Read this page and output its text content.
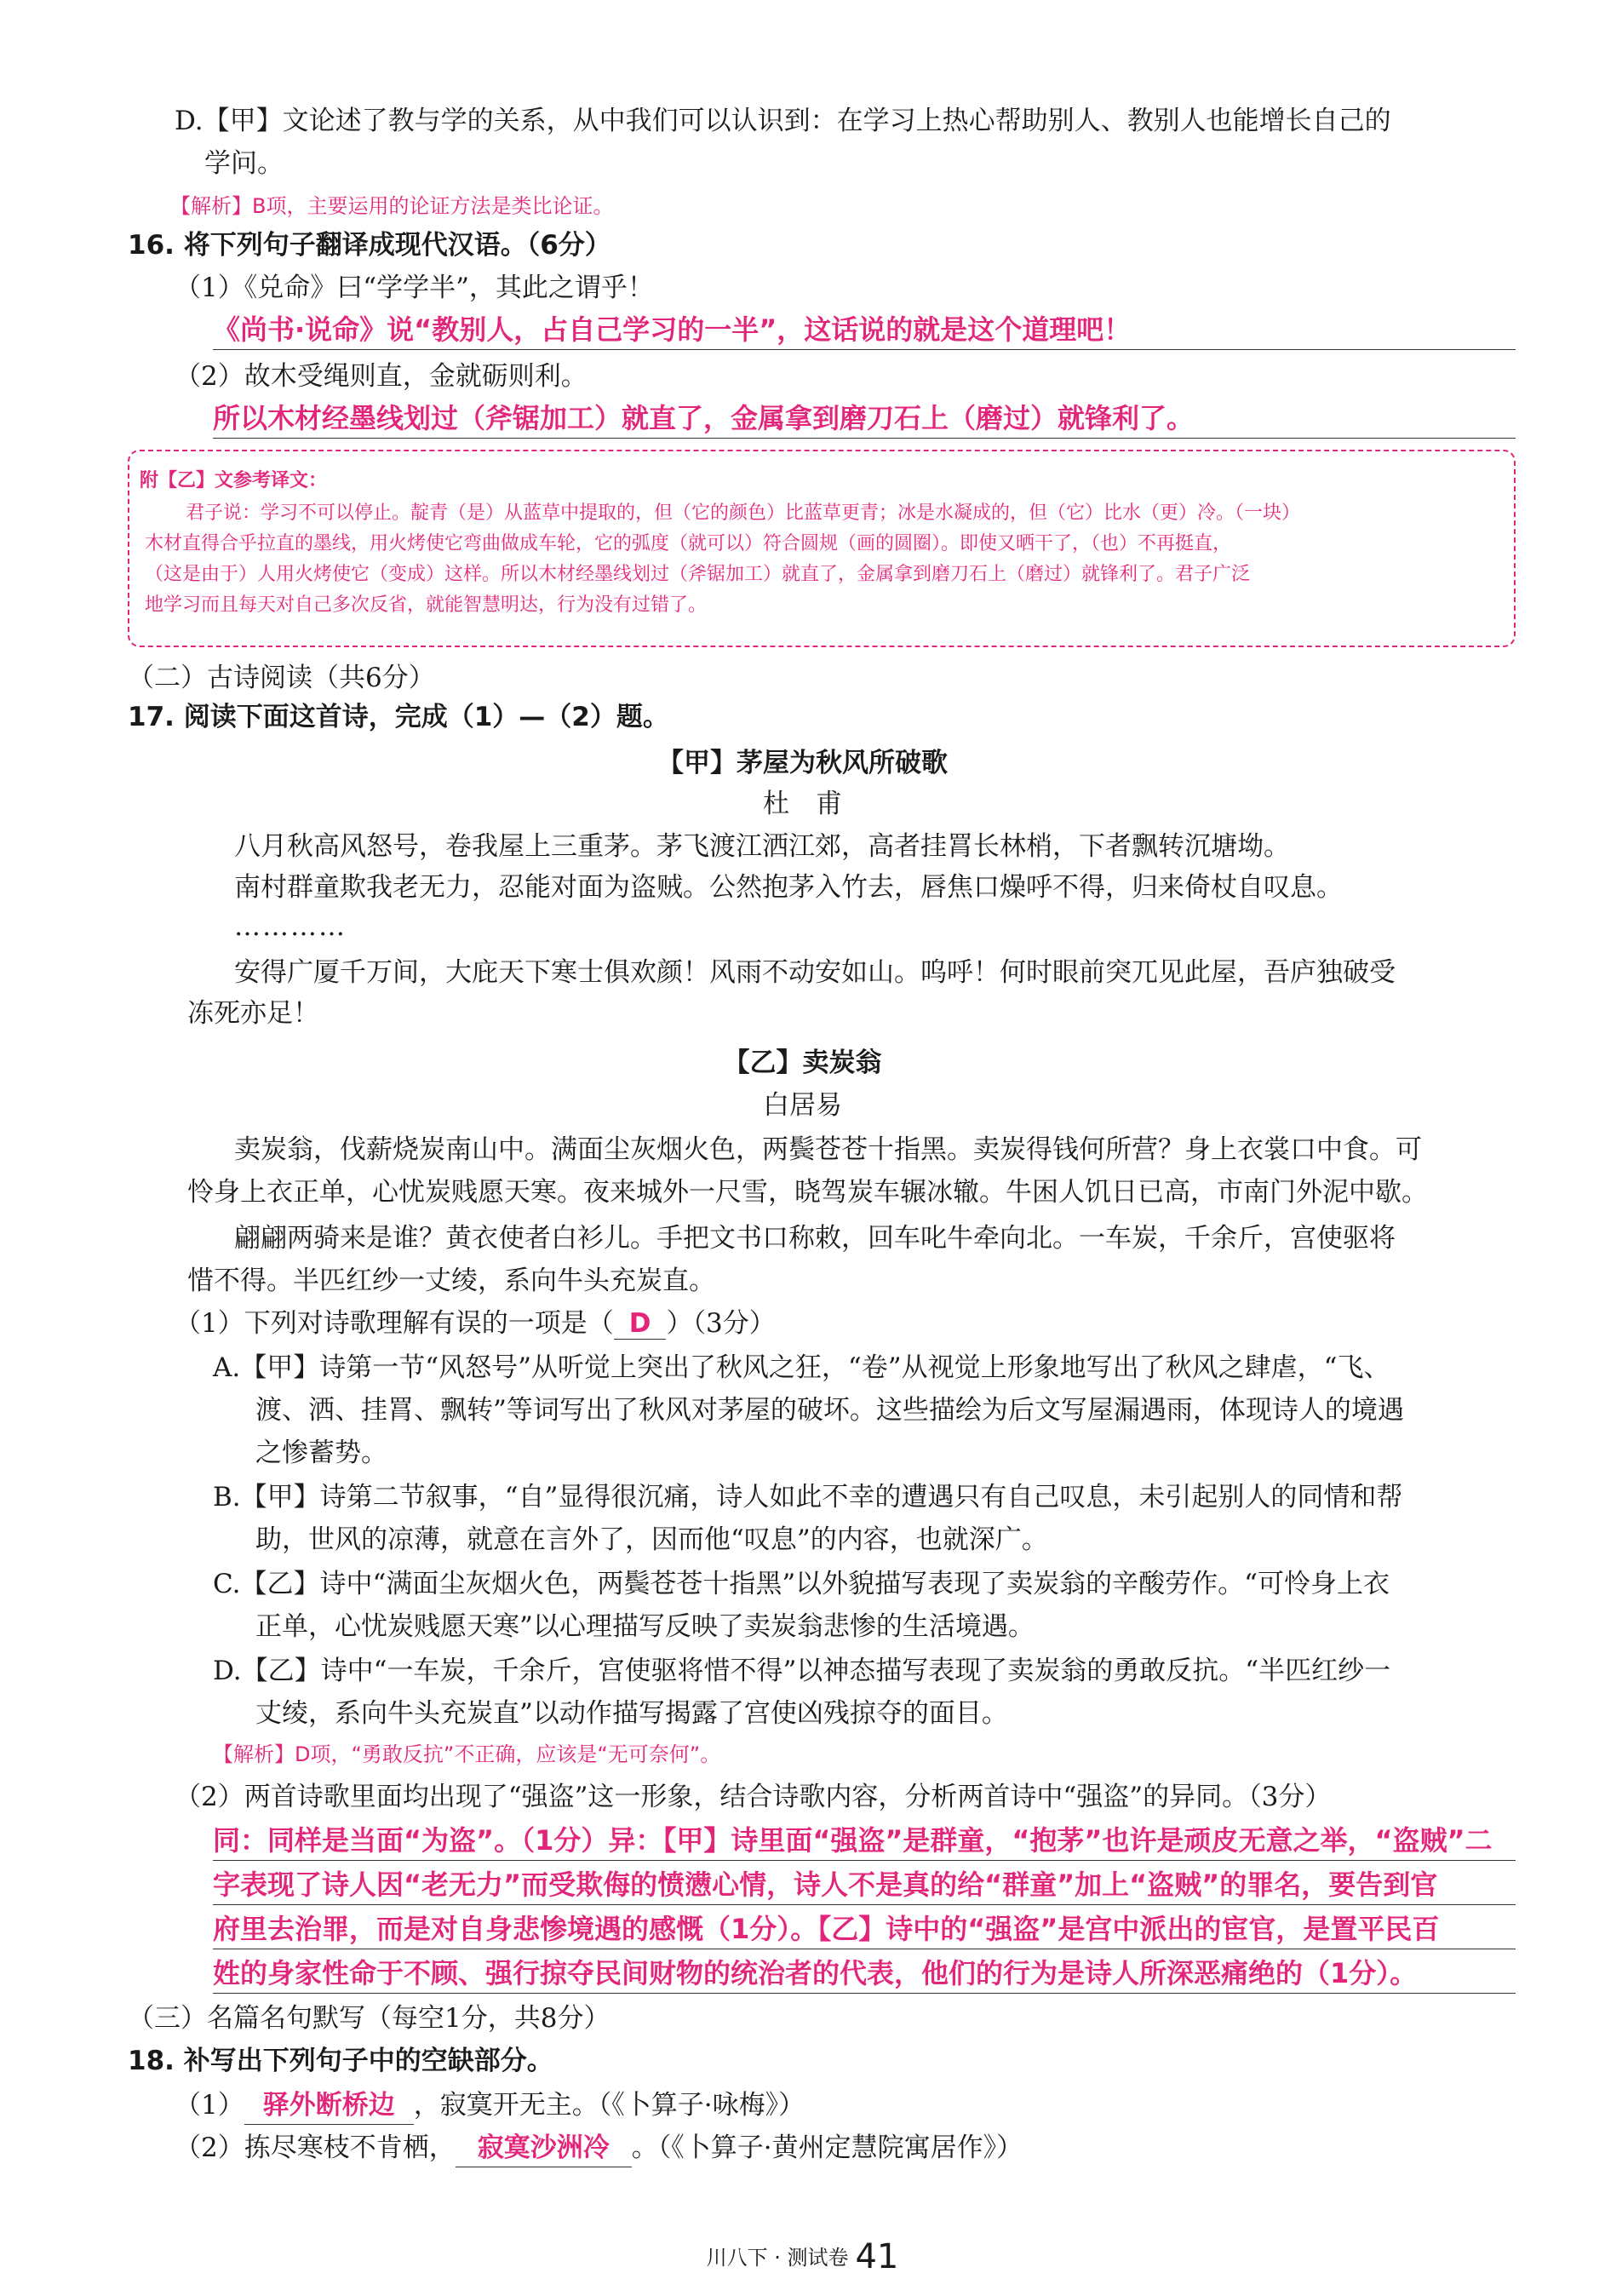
D.【甲】文论述了教与学的关系，从中我们可以认识到：在学习上热心帮助别人、教别人也能增长自己的
学问。
【解析】B项，主要运用的论证方法是类比论证。
16. 将下列句子翻译成现代汉语。（6分）
（1）《兑命》曰“学学半”，其此之谓乎！
《尚书·说命》说“教别人，占自己学习的一半”，这话说的就是这个道理吧！
（2）故木受绳则直，金就砺则利。
所以木材经墨线划过（斧锯加工）就直了，金属拿到磨刀石上（磨过）就锋利了。
附【乙】文参考译文：
君子说：学习不可以停止。靛青（是）从蓝草中提取的，但（它的颜色）比蓝草更青；冰是水凝成的，但（它）比水（更）冷。（一块）
木材直得合乎拉直的墨线，用火烤使它弯曲做成车轮，它的弧度（就可以）符合圆规（画的圆圈）。即使又晒干了，（也）不再挺直，
（这是由于）人用火烤使它（变成）这样。所以木材经墨线划过（斧锯加工）就直了，金属拿到磨刀石上（磨过）就锋利了。君子广泛
地学习而且每天对自己多次反省，就能智慧明达，行为没有过错了。
（二）古诗阅读（共6分）
17. 阅读下面这首诗，完成（1）—（2）题。
【甲】茅屋为秋风所破歌
杜　甫
八月秋高风怒号，卷我屋上三重茅。茅飞渡江洒江郊，高者挂罥长林梢，下者飘转沉塘坳。
南村群童欺我老无力，忍能对面为盗贼。公然抱茅入竹去，唇焦口燥呼不得，归来倚杖自叹息。
…………
安得广厦千万间，大庇天下寒士俱欢颜！风雨不动安如山。呜呼！何时眼前突兀见此屋，吾庐独破受
冻死亦足！
【乙】卖炭翁
白居易
卖炭翁，伐薪烧炭南山中。满面尘灰烟火色，两鬓苍苍十指黑。卖炭得钱何所营？身上衣裳口中食。可
怜身上衣正单，心忧炭贱愿天寒。夜来城外一尺雪，晓驾炭车辗冰辙。牛困人饥日已高，市南门外泥中歇。
翩翩两骑来是谁？黄衣使者白衫儿。手把文书口称敕，回车叱牛牵向北。一车炭，千余斤，宫使驱将
惜不得。半匹红纱一丈绫，系向牛头充炭直。
（1）下列对诗歌理解有误的一项是（ D ）（3分）
A.【甲】诗第一节“风怒号”从听觉上突出了秋风之狂，“卷”从视觉上形象地写出了秋风之肆虐，“飞、
渡、洒、挂罥、飘转”等词写出了秋风对茅屋的破坏。这些描绘为后文写屋漏遇雨，体现诗人的境遇
之惨蓄势。
B.【甲】诗第二节叙事，“自”显得很沉痛，诗人如此不幸的遭遇只有自己叹息，未引起别人的同情和帮
助，世风的凉薄，就意在言外了，因而他“叹息”的内容，也就深广。
C.【乙】诗中“满面尘灰烟火色，两鬓苍苍十指黑”以外貌描写表现了卖炭翁的辛酸劳作。“可怜身上衣
正单，心忧炭贱愿天寒”以心理描写反映了卖炭翁悲惨的生活境遇。
D.【乙】诗中“一车炭，千余斤，宫使驱将惜不得”以神态描写表现了卖炭翁的勇敢反抗。“半匹红纱一
丈绫，系向牛头充炭直”以动作描写揭露了宫使凶残掠夺的面目。
【解析】D项，“勇敢反抗”不正确，应该是“无可奈何”。
（2）两首诗歌里面均出现了“强盗”这一形象，结合诗歌内容，分析两首诗中“强盗”的异同。（3分）
同：同样是当面“为盗”。（1分）异：【甲】诗里面“强盗”是群童，“抱茅”也许是顽皮无意之举，“盗贼”二
字表现了诗人因“老无力”而受欺侮的愤懑心情，诗人不是真的给“群童”加上“盗贼”的罪名，要告到官
府里去治罪，而是对自身悲惨境遇的感慨（1分）。【乙】诗中的“强盗”是宫中派出的宦官，是置平民百
姓的身家性命于不顾、强行掠夺民间财物的统治者的代表，他们的行为是诗人所深恶痛绝的（1分）。
（三）名篇名句默写（每空1分，共8分）
18. 补写出下列句子中的空缺部分。
（1） 驿外断桥边 ，寂寞开无主。（《卜算子·咏梅》）
（2）拣尽寒枝不肯栖， 寂寞沙洲冷 。（《卜算子·黄州定慧院寓居作》）
川八下 · 测试卷 41
